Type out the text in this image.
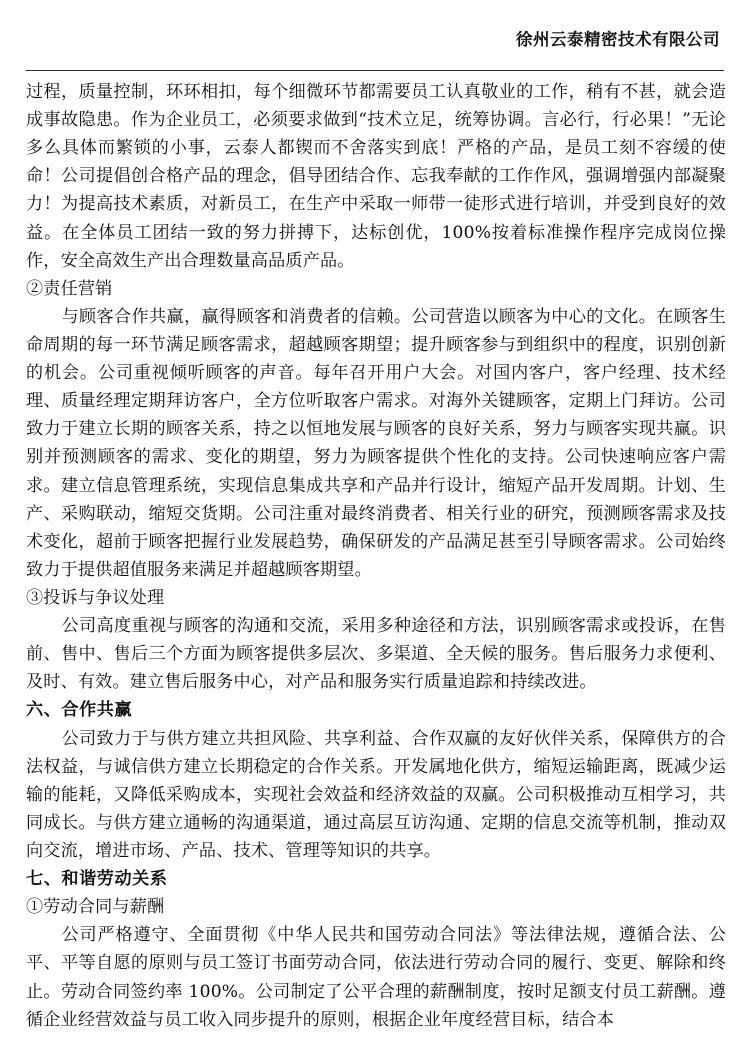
徐州云泰精密技术有限公司

过程，质量控制，环环相扣，每个细微环节都需要员工认真敬业的工作，稍有不甚，就会造成事故隐患。作为企业员工，必须要求做到“技术立足，统筹协调。言必行，行必果！”无论多么具体而繁锁的小事，云泰人都锲而不舍落实到底！严格的产品，是员工刻不容缓的使命！公司提倡创合格产品的理念，倡导团结合作、忘我奉献的工作作风，强调增强内部凝聚力！为提高技术素质，对新员工，在生产中采取一师带一徒形式进行培训，并受到良好的效益。在全体员工团结一致的努力拼搏下，达标创优，100%按着标准操作程序完成岗位操作，安全高效生产出合理数量高品质产品。

②责任营销

与顾客合作共赢，赢得顾客和消费者的信赖。公司营造以顾客为中心的文化。在顾客生命周期的每一环节满足顾客需求，超越顾客期望；提升顾客参与到组织中的程度，识别创新的机会。公司重视倾听顾客的声音。每年召开用户大会。对国内客户，客户经理、技术经理、质量经理定期拜访客户，全方位听取客户需求。对海外关键顾客，定期上门拜访。公司致力于建立长期的顾客关系，持之以恒地发展与顾客的良好关系，努力与顾客实现共赢。识别并预测顾客的需求、变化的期望，努力为顾客提供个性化的支持。公司快速响应客户需求。建立信息管理系统，实现信息集成共享和产品并行设计，缩短产品开发周期。计划、生产、采购联动，缩短交货期。公司注重对最终消费者、相关行业的研究，预测顾客需求及技术变化，超前于顾客把握行业发展趋势，确保研发的产品满足甚至引导顾客需求。公司始终致力于提供超值服务来满足并超越顾客期望。

③投诉与争议处理

公司高度重视与顾客的沟通和交流，采用多种途径和方法，识别顾客需求或投诉，在售前、售中、售后三个方面为顾客提供多层次、多渠道、全天候的服务。售后服务力求便利、及时、有效。建立售后服务中心，对产品和服务实行质量追踪和持续改进。

六、合作共赢

公司致力于与供方建立共担风险、共享利益、合作双赢的友好伙伴关系，保障供方的合法权益，与诚信供方建立长期稳定的合作关系。开发属地化供方，缩短运输距离，既减少运输的能耗，又降低采购成本，实现社会效益和经济效益的双赢。公司积极推动互相学习，共同成长。与供方建立通畅的沟通渠道，通过高层互访沟通、定期的信息交流等机制，推动双向交流，增进市场、产品、技术、管理等知识的共享。

七、和谐劳动关系

①劳动合同与薪酬

公司严格遵守、全面贯彻《中华人民共和国劳动合同法》等法律法规，遵循合法、公平、平等自愿的原则与员工签订书面劳动合同，依法进行劳动合同的履行、变更、解除和终止。劳动合同签约率 100%。公司制定了公平合理的薪酬制度，按时足额支付员工薪酬。遵循企业经营效益与员工收入同步提升的原则，根据企业年度经营目标，结合本
